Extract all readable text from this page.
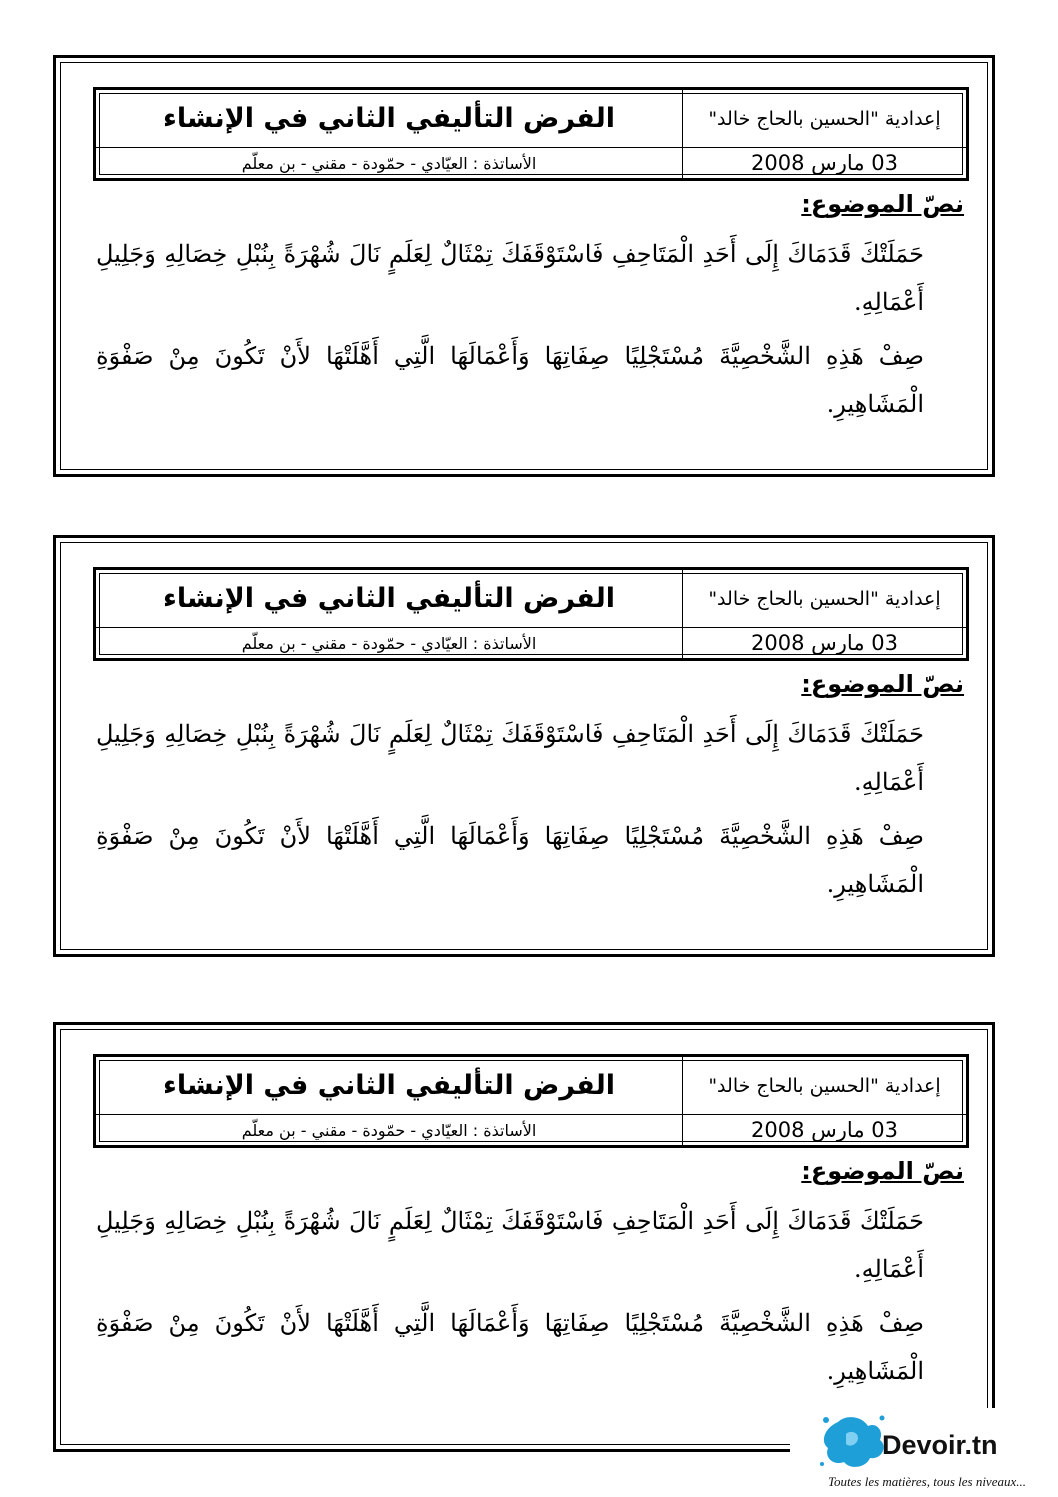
الفرض التأليفي الثاني في الإنشاء
الأساتذة : العيّادي - حمّودة - مقني - بن معلّم
إعدادية "الحسين بالحاج خالد"
03 مارس 2008
نصّ الموضوع:

حَمَلَتْكَ قَدَمَاكَ إِلَى أَحَدِ الْمَتَاحِفِ فَاسْتَوْقَفَكَ تِمْثَالٌ لِعَلَمٍ نَالَ شُهْرَةً بِنُبْلِ خِصَالِهِ وَجَلِيلِ أَعْمَالِهِ.

صِفْ هَذِهِ الشَّخْصِيَّةَ مُسْتَجْلِيًا صِفَاتِهَا وَأَعْمَالَهَا الَّتِي أَهَّلَتْهَا لأَنْ تَكُونَ مِنْ صَفْوَةِ الْمَشَاهِيرِ.

الفرض التأليفي الثاني في الإنشاء
الأساتذة : العيّادي - حمّودة - مقني - بن معلّم
إعدادية "الحسين بالحاج خالد"
03 مارس 2008
نصّ الموضوع:

حَمَلَتْكَ قَدَمَاكَ إِلَى أَحَدِ الْمَتَاحِفِ فَاسْتَوْقَفَكَ تِمْثَالٌ لِعَلَمٍ نَالَ شُهْرَةً بِنُبْلِ خِصَالِهِ وَجَلِيلِ أَعْمَالِهِ.

صِفْ هَذِهِ الشَّخْصِيَّةَ مُسْتَجْلِيًا صِفَاتِهَا وَأَعْمَالَهَا الَّتِي أَهَّلَتْهَا لأَنْ تَكُونَ مِنْ صَفْوَةِ الْمَشَاهِيرِ.

الفرض التأليفي الثاني في الإنشاء
الأساتذة : العيّادي - حمّودة - مقني - بن معلّم
إعدادية "الحسين بالحاج خالد"
03 مارس 2008
نصّ الموضوع:

حَمَلَتْكَ قَدَمَاكَ إِلَى أَحَدِ الْمَتَاحِفِ فَاسْتَوْقَفَكَ تِمْثَالٌ لِعَلَمٍ نَالَ شُهْرَةً بِنُبْلِ خِصَالِهِ وَجَلِيلِ أَعْمَالِهِ.

صِفْ هَذِهِ الشَّخْصِيَّةَ مُسْتَجْلِيًا صِفَاتِهَا وَأَعْمَالَهَا الَّتِي أَهَّلَتْهَا لأَنْ تَكُونَ مِنْ صَفْوَةِ الْمَشَاهِيرِ.

Devoir.tn
Toutes les matières, tous les niveaux...
